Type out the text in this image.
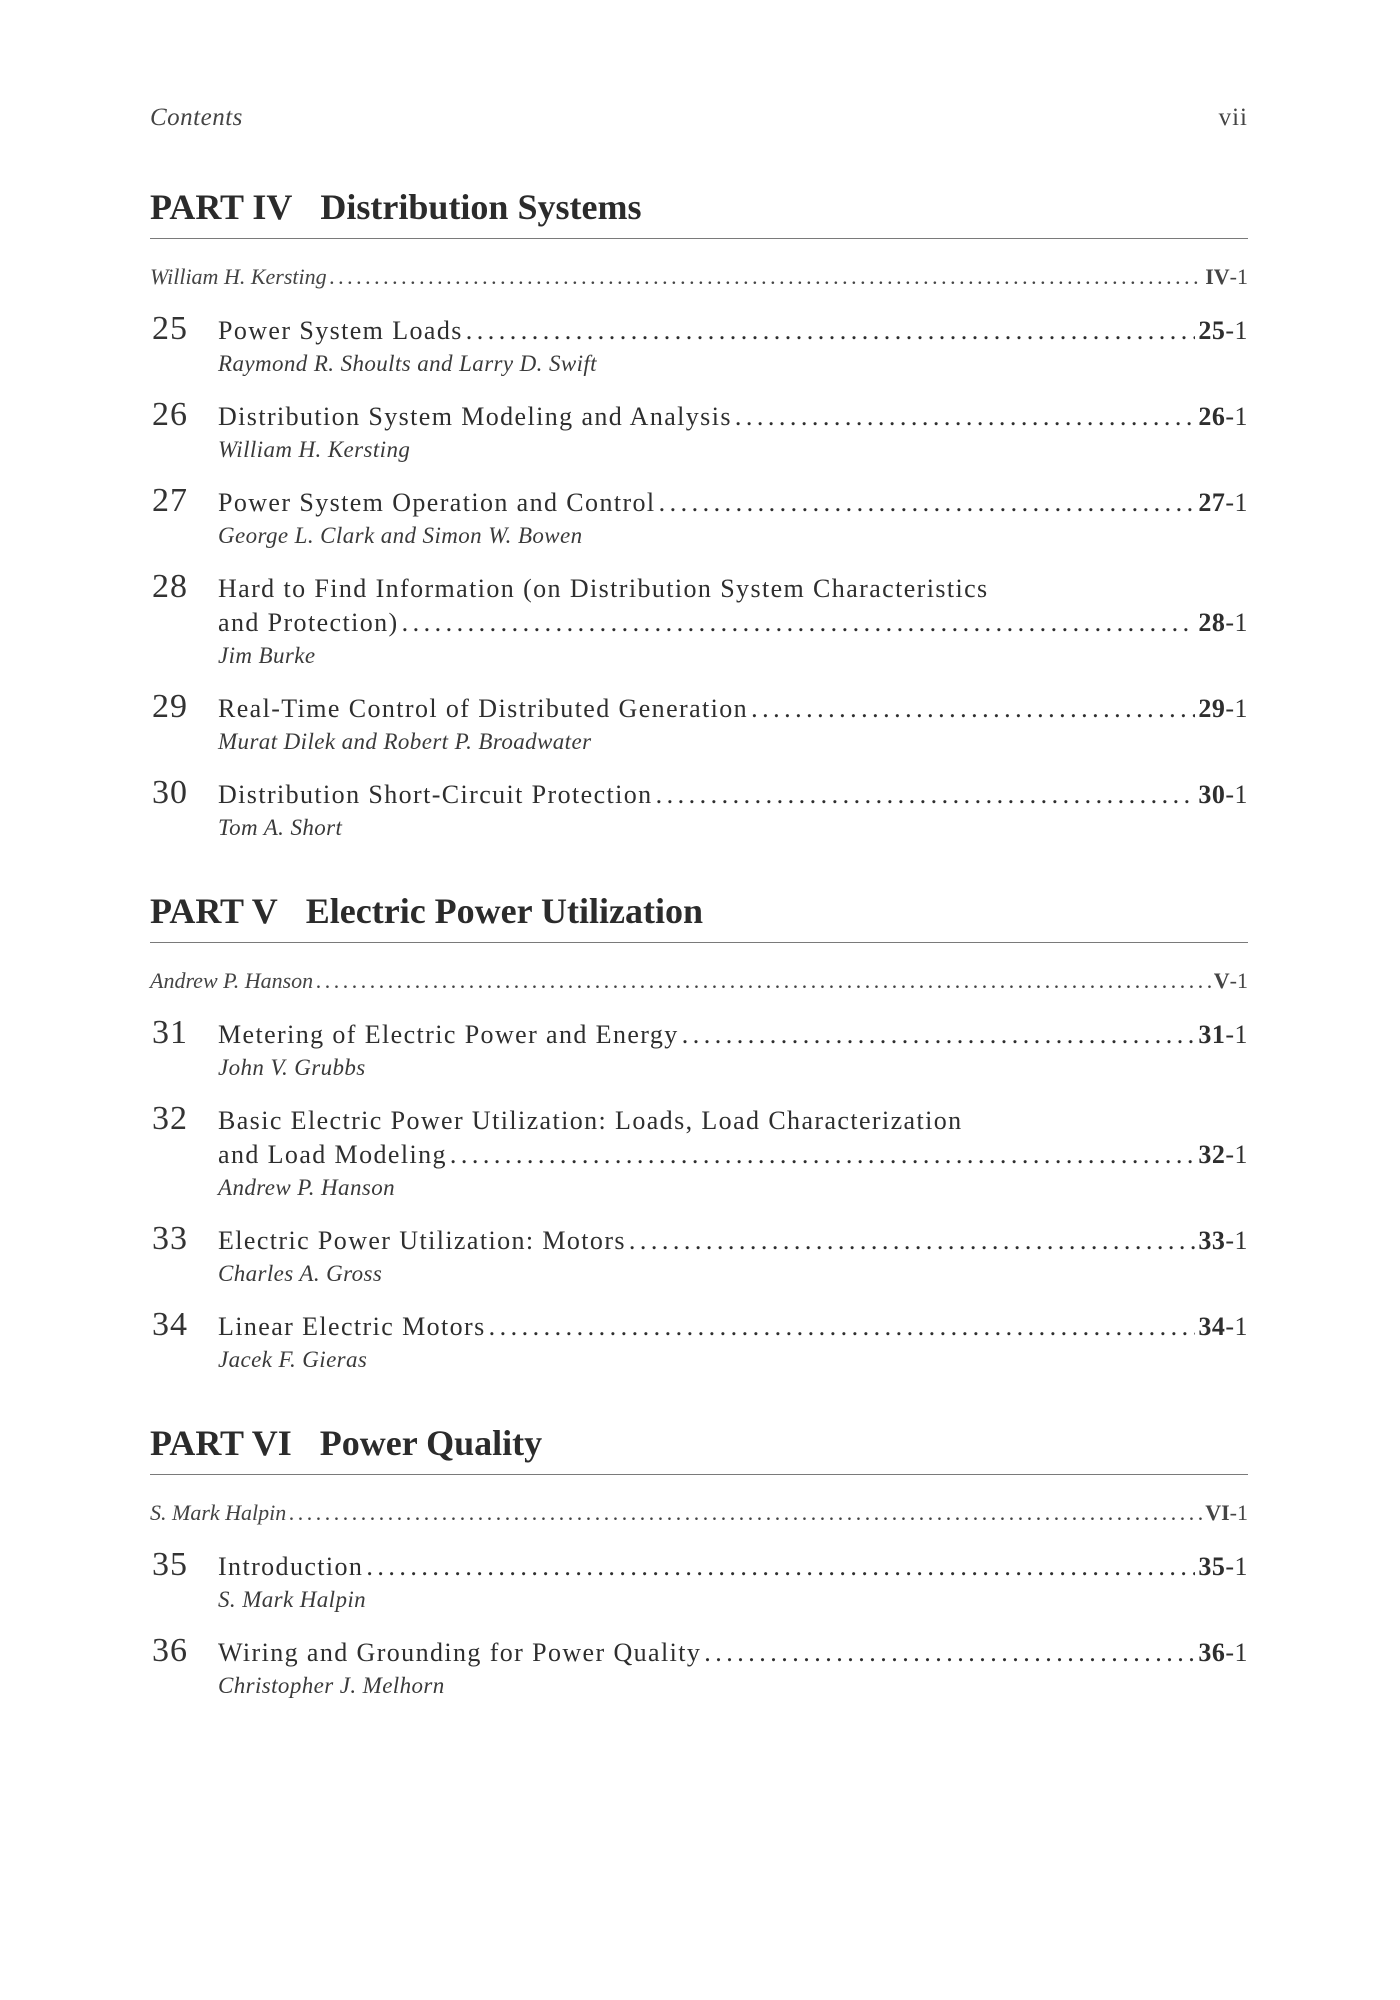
Contents	vii
PART IV Distribution Systems
William H. Kersting . . .	IV-1
25 Power System Loads . . .	25-1
Raymond R. Shoults and Larry D. Swift
26 Distribution System Modeling and Analysis . . .	26-1
William H. Kersting
27 Power System Operation and Control . . .	27-1
George L. Clark and Simon W. Bowen
28 Hard to Find Information (on Distribution System Characteristics
and Protection) . . .	28-1
Jim Burke
29 Real-Time Control of Distributed Generation . . .	29-1
Murat Dilek and Robert P. Broadwater
30 Distribution Short-Circuit Protection . . .	30-1
Tom A. Short
PART V Electric Power Utilization
Andrew P. Hanson . . .	V-1
31 Metering of Electric Power and Energy . . .	31-1
John V. Grubbs
32 Basic Electric Power Utilization: Loads, Load Characterization
and Load Modeling . . .	32-1
Andrew P. Hanson
33 Electric Power Utilization: Motors . . .	33-1
Charles A. Gross
34 Linear Electric Motors . . .	34-1
Jacek F. Gieras
PART VI Power Quality
S. Mark Halpin . . .	VI-1
35 Introduction . . .	35-1
S. Mark Halpin
36 Wiring and Grounding for Power Quality . . .	36-1
Christopher J. Melhorn
